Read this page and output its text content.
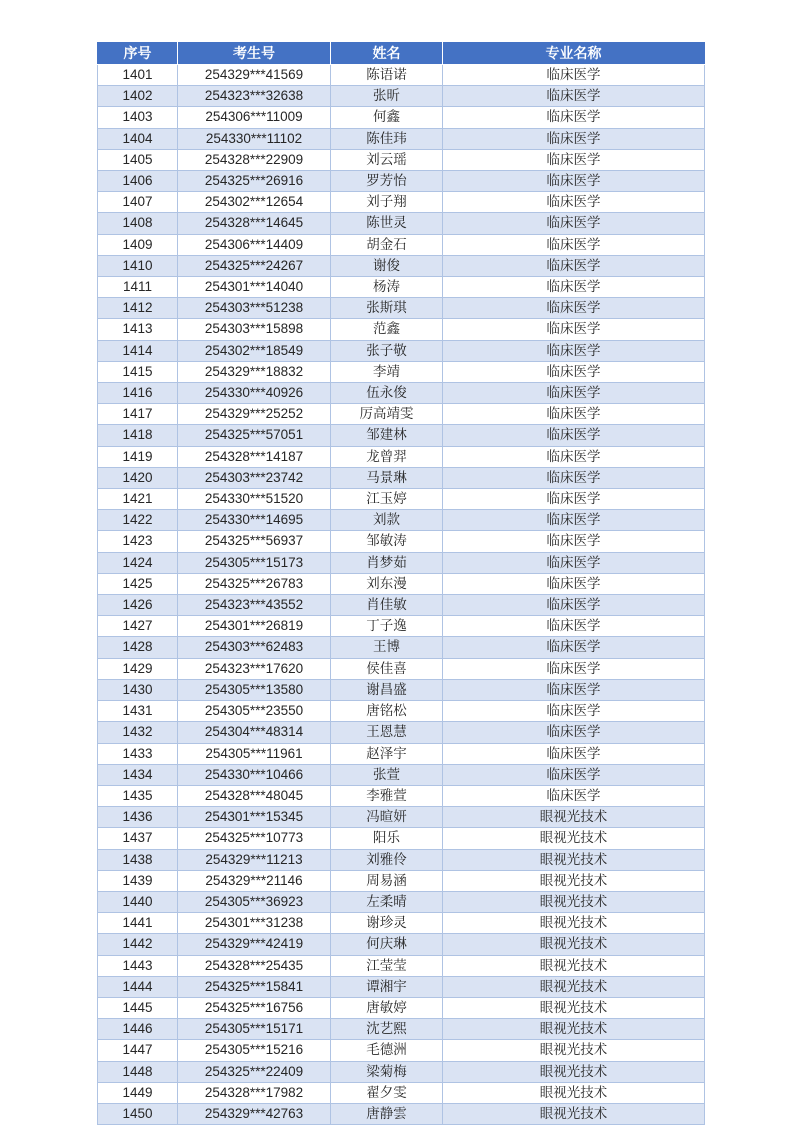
序号	考生号	姓名	专业名称
1401	254329***41569	陈语诺	临床医学
1402	254323***32638	张昕	临床医学
1403	254306***11009	何鑫	临床医学
1404	254330***11102	陈佳玮	临床医学
1405	254328***22909	刘云瑶	临床医学
1406	254325***26916	罗芳怡	临床医学
1407	254302***12654	刘子翔	临床医学
1408	254328***14645	陈世灵	临床医学
1409	254306***14409	胡金石	临床医学
1410	254325***24267	谢俊	临床医学
1411	254301***14040	杨涛	临床医学
1412	254303***51238	张斯琪	临床医学
1413	254303***15898	范鑫	临床医学
1414	254302***18549	张子敬	临床医学
1415	254329***18832	李靖	临床医学
1416	254330***40926	伍永俊	临床医学
1417	254329***25252	厉高靖雯	临床医学
1418	254325***57051	邹建林	临床医学
1419	254328***14187	龙曾羿	临床医学
1420	254303***23742	马景琳	临床医学
1421	254330***51520	江玉婷	临床医学
1422	254330***14695	刘款	临床医学
1423	254325***56937	邹敏涛	临床医学
1424	254305***15173	肖梦茹	临床医学
1425	254325***26783	刘东漫	临床医学
1426	254323***43552	肖佳敏	临床医学
1427	254301***26819	丁子逸	临床医学
1428	254303***62483	王博	临床医学
1429	254323***17620	侯佳喜	临床医学
1430	254305***13580	谢昌盛	临床医学
1431	254305***23550	唐铭松	临床医学
1432	254304***48314	王恩慧	临床医学
1433	254305***11961	赵泽宇	临床医学
1434	254330***10466	张萱	临床医学
1435	254328***48045	李雅萱	临床医学
1436	254301***15345	冯暄妍	眼视光技术
1437	254325***10773	阳乐	眼视光技术
1438	254329***11213	刘雅伶	眼视光技术
1439	254329***21146	周易涵	眼视光技术
1440	254305***36923	左柔晴	眼视光技术
1441	254301***31238	谢珍灵	眼视光技术
1442	254329***42419	何庆琳	眼视光技术
1443	254328***25435	江莹莹	眼视光技术
1444	254325***15841	谭湘宇	眼视光技术
1445	254325***16756	唐敏婷	眼视光技术
1446	254305***15171	沈艺熙	眼视光技术
1447	254305***15216	毛德洲	眼视光技术
1448	254325***22409	梁菊梅	眼视光技术
1449	254328***17982	翟夕雯	眼视光技术
1450	254329***42763	唐静雲	眼视光技术
